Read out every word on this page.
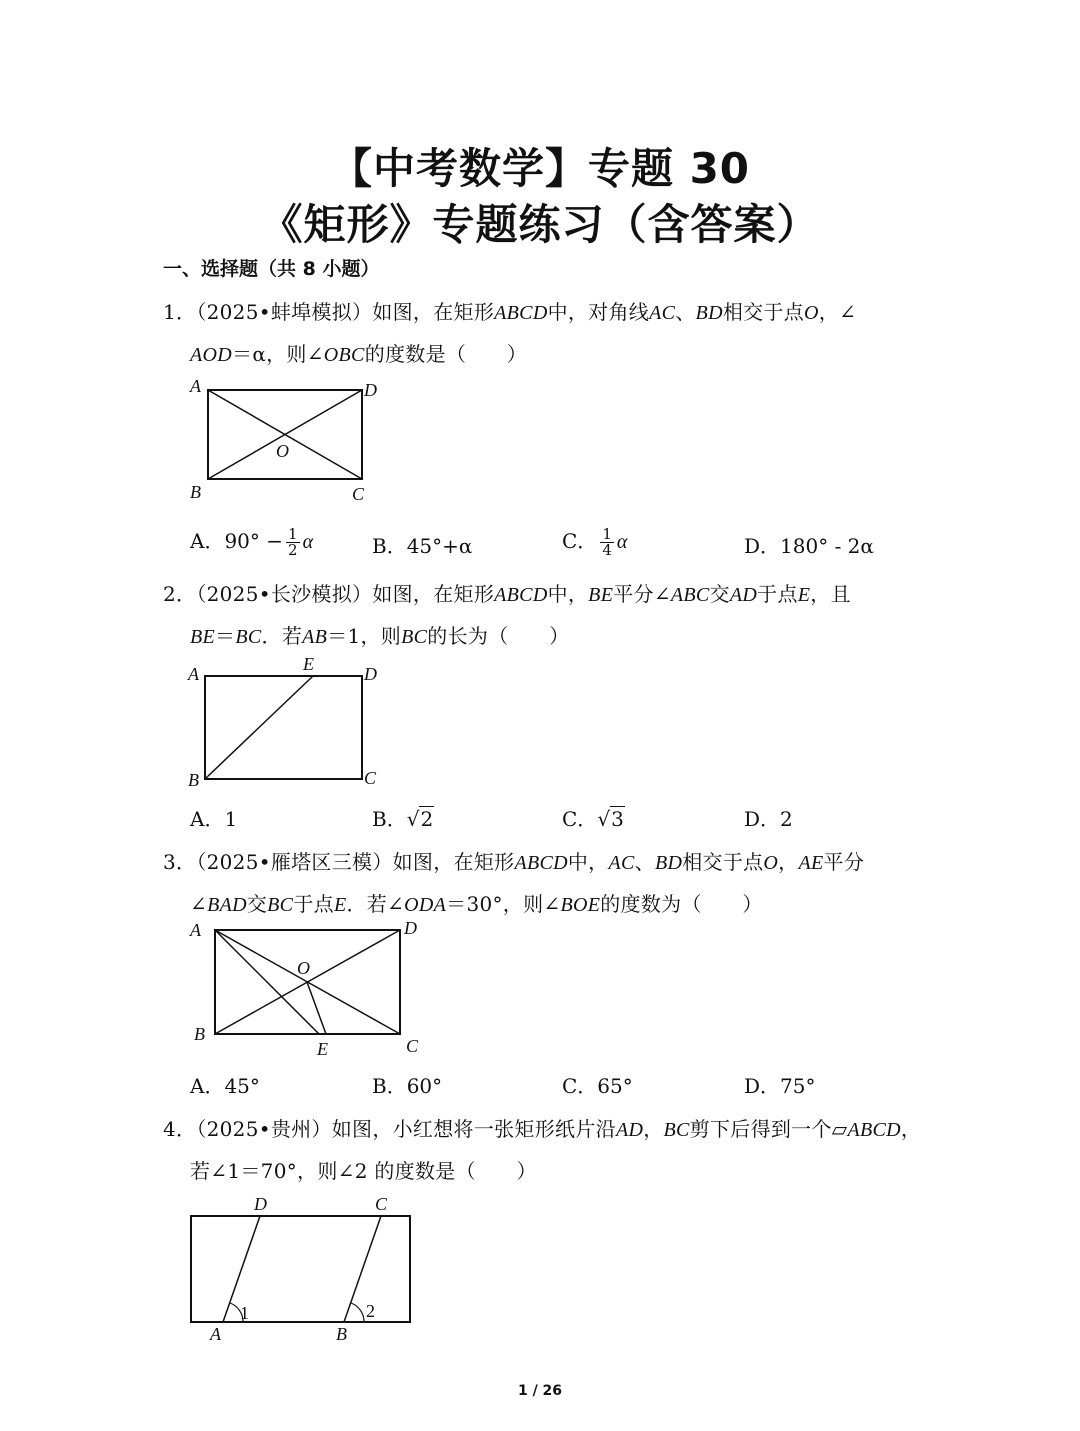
【中考数学】专题 30
《矩形》专题练习（含答案）
一、选择题（共 8 小题）
1．（2025•蚌埠模拟）如图，在矩形ABCD中，对角线AC、BD相交于点O，∠
AOD＝α，则∠OBC的度数是（　　）
A	D
O
B	C
A．$90^\circ - \frac{1}{2}$ α	B．45°+α	C． $\frac{1}{4}$ α	D．180° - 2α
2．（2025•长沙模拟）如图，在矩形ABCD中，BE平分∠ABC交AD于点E，且
BE＝BC．若AB＝1，则BC的长为（　　）
A	E	D
B	C
A．1	B．√2	C．√3	D．2
3．（2025•雁塔区三模）如图，在矩形ABCD中，AC、BD相交于点O，AE平分
∠BAD交BC于点E．若∠ODA＝30°，则∠BOE的度数为（　　）
A	D
O
B
E	C
A．45°	B．60°	C．65°	D．75°
4．（2025•贵州）如图，小红想将一张矩形纸片沿AD，BC剪下后得到一个▱ABCD，
若∠1＝70°，则∠2 的度数是（　　）
D	C
1	2
A	B
1 / 26
